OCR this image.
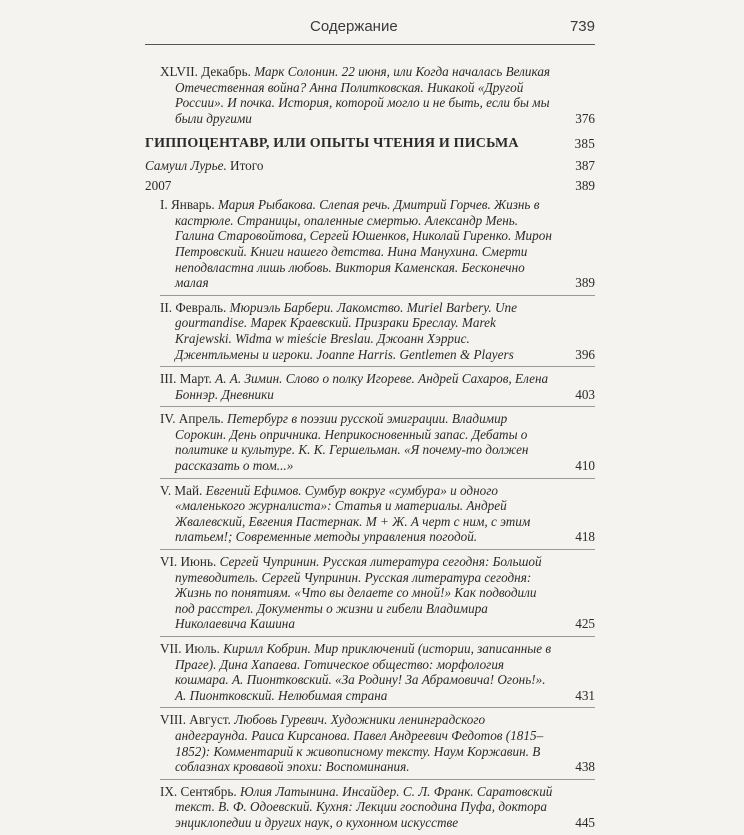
Содержание	739
XLVII. Декабрь. Марк Солонин. 22 июня, или Когда началась Великая Отечественная война? Анна Политковская. Никакой «Другой России». И почка. История, которой могло и не быть, если бы мы были другими	376
ГИППОЦЕНТАВР, ИЛИ ОПЫТЫ ЧТЕНИЯ И ПИСЬМА	385
Самуил Лурье. Итого	387
2007	389
I. Январь. Мария Рыбакова. Слепая речь. Дмитрий Горчев. Жизнь в кастрюле. Страницы, опаленные смертью. Александр Мень. Галина Старовойтова, Сергей Юшенков, Николай Гиренко. Мирон Петровский. Книги нашего детства. Нина Манухина. Смерти неподвластна лишь любовь. Виктория Каменская. Бесконечно малая	389
II. Февраль. Мюриэль Барбери. Лакомство. Muriel Barbery. Une gourmandise. Марек Краевский. Призраки Бреслау. Marek Krajewski. Widma w mieście Breslau. Джоанн Хэррис. Джентльмены и игроки. Joanne Harris. Gentlemen & Players	396
III. Март. А. А. Зимин. Слово о полку Игореве. Андрей Сахаров, Елена Боннэр. Дневники	403
IV. Апрель. Петербург в поэзии русской эмиграции. Владимир Сорокин. День опричника. Неприкосновенный запас. Дебаты о политике и культуре. К. К. Гершельман. «Я почему-то должен рассказать о том...»	410
V. Май. Евгений Ефимов. Сумбур вокруг «сумбура» и одного «маленького журналиста»: Статья и материалы. Андрей Жвалевский, Евгения Пастернак. М + Ж. А черт с ним, с этим платьем!; Современные методы управления погодой.	418
VI. Июнь. Сергей Чупринин. Русская литература сегодня: Большой путеводитель. Сергей Чупринин. Русская литература сегодня: Жизнь по понятиям. «Что вы делаете со мной!» Как подводили под расстрел. Документы о жизни и гибели Владимира Николаевича Кашина	425
VII. Июль. Кирилл Кобрин. Мир приключений (истории, записанные в Праге). Дина Хапаева. Готическое общество: морфология кошмара. А. Пионтковский. «За Родину! За Абрамовича! Огонь!». А. Пионтковский. Нелюбимая страна	431
VIII. Август. Любовь Гуревич. Художники ленинградского андеграунда. Раиса Кирсанова. Павел Андреевич Федотов (1815–1852): Комментарий к живописному тексту. Наум Коржавин. В соблазнах кровавой эпохи: Воспоминания.	438
IX. Сентябрь. Юлия Латынина. Инсайдер. С. Л. Франк. Саратовский текст. В. Ф. Одоевский. Кухня: Лекции господина Пуфа, доктора энциклопедии и других наук, о кухонном искусстве	445
